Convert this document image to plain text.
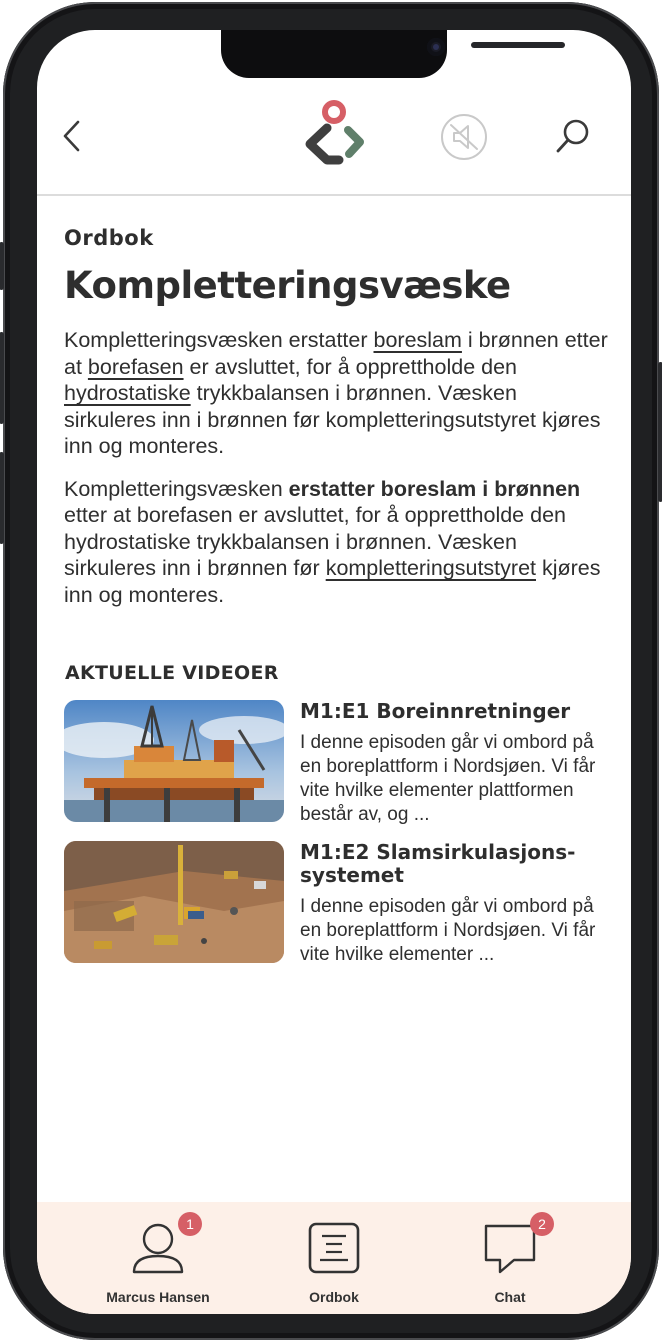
Ordbok

Kompletteringsvæske

Kompletteringsvæsken erstatter boreslam i brønnen etter at borefasen er avsluttet, for å opprettholde den hydrostatiske trykkbalansen i brønnen. Væsken sirkuleres inn i brønnen før kompletteringsutstyret kjøres inn og monteres.

Kompletteringsvæsken erstatter boreslam i brønnen etter at borefasen er avsluttet, for å opprettholde den hydrostatiske trykkbalansen i brønnen. Væsken sirkuleres inn i brønnen før kompletteringsutstyret kjøres inn og monteres.

AKTUELLE VIDEOER
M1:E1 Boreinnretninger

I denne episoden går vi ombord på en boreplattform i Nordsjøen. Vi får vite hvilke elementer plattformen består av, og ...

M1:E2 Slamsirkulasjons-systemet

I denne episoden går vi ombord på en boreplattform i Nordsjøen. Vi får vite hvilke elementer ...

1
Marcus Hansen	Ordbok
2
Chat
